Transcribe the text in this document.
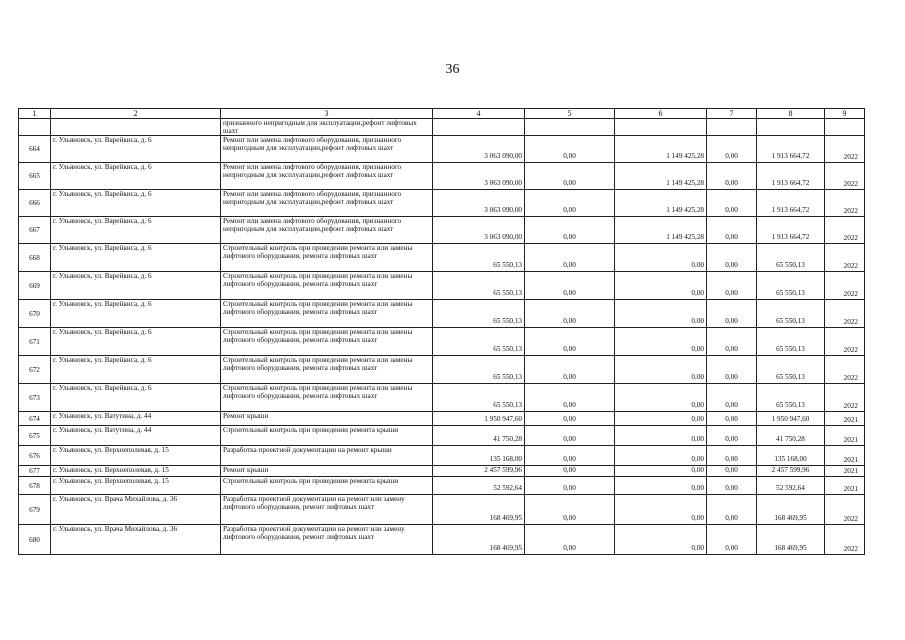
36
1	2	3	4	5	6	7	8	9
		признанного непригодным для эксплуатации,рефонт лифтовых шахт						
664	г. Ульяновск, ул. Варейкиса, д. 6	Ремонт или замена лифтового оборудования, признанного непригодным для эксплуатации,рефонт лифтовых шахт	3 063 090,00	0,00	1 149 425,28	0,00	1 913 664,72	2022
665	г. Ульяновск, ул. Варейкиса, д. 6	Ремонт или замена лифтового оборудования, признанного непригодным для эксплуатации,рефонт лифтовых шахт	3 063 090,00	0,00	1 149 425,28	0,00	1 913 664,72	2022
666	г. Ульяновск, ул. Варейкиса, д. 6	Ремонт или замена лифтового оборудования, признанного непригодным для эксплуатации,рефонт лифтовых шахт	3 063 090,00	0,00	1 149 425,28	0,00	1 913 664,72	2022
667	г. Ульяновск, ул. Варейкиса, д. 6	Ремонт или замена лифтового оборудования, признанного непригодным для эксплуатации,рефонт лифтовых шахт	3 063 090,00	0,00	1 149 425,28	0,00	1 913 664,72	2022
668	г. Ульяновск, ул. Варейкиса, д. 6	Строительный контроль при проведении ремонта или замены лифтового оборудования, ремонта лифтовых шахт	65 550,13	0,00	0,00	0,00	65 550,13	2022
669	г. Ульяновск, ул. Варейкиса, д. 6	Строительный контроль при проведении ремонта или замены лифтового оборудования, ремонта лифтовых шахт	65 550,13	0,00	0,00	0,00	65 550,13	2022
670	г. Ульяновск, ул. Варейкиса, д. 6	Строительный контроль при проведении ремонта или замены лифтового оборудования, ремонта лифтовых шахт	65 550,13	0,00	0,00	0,00	65 550,13	2022
671	г. Ульяновск, ул. Варейкиса, д. 6	Строительный контроль при проведении ремонта или замены лифтового оборудования, ремонта лифтовых шахт	65 550,13	0,00	0,00	0,00	65 550,13	2022
672	г. Ульяновск, ул. Варейкиса, д. 6	Строительный контроль при проведении ремонта или замены лифтового оборудования, ремонта лифтовых шахт	65 550,13	0,00	0,00	0,00	65 550,13	2022
673	г. Ульяновск, ул. Варейкиса, д. 6	Строительный контроль при проведении ремонта или замены лифтового оборудования, ремонта лифтовых шахт	65 550,13	0,00	0,00	0,00	65 550,13	2022
674	г. Ульяновск, ул. Ватутина, д. 44	Ремонт крыши	1 950 947,60	0,00	0,00	0,00	1 950 947,60	2021
675	г. Ульяновск, ул. Ватутина, д. 44	Строительный контроль при проведении ремонта крыши	41 750,28	0,00	0,00	0,00	41 750,28	2021
676	г. Ульяновск, ул. Верхнеполевая, д. 15	Разработка проектной документации на ремонт крыши	135 168,00	0,00	0,00	0,00	135 168,00	2021
677	г. Ульяновск, ул. Верхнеполевая, д. 15	Ремонт крыши	2 457 599,96	0,00	0,00	0,00	2 457 599,96	2021
678	г. Ульяновск, ул. Верхнеполевая, д. 15	Строительный контроль при проведении ремонта крыши	52 592,64	0,00	0,00	0,00	52 592,64	2021
679	г. Ульяновск, ул. Врача Михайлова, д. 36	Разработка проектной документации на ремонт или замену лифтового оборудования, ремонт лифтовых шахт	168 469,95	0,00	0,00	0,00	168 469,95	2022
680	г. Ульяновск, ул. Врача Михайлова, д. 36	Разработка проектной документации на ремонт или замену лифтового оборудования, ремонт лифтовых шахт	168 469,95	0,00	0,00	0,00	168 469,95	2022
